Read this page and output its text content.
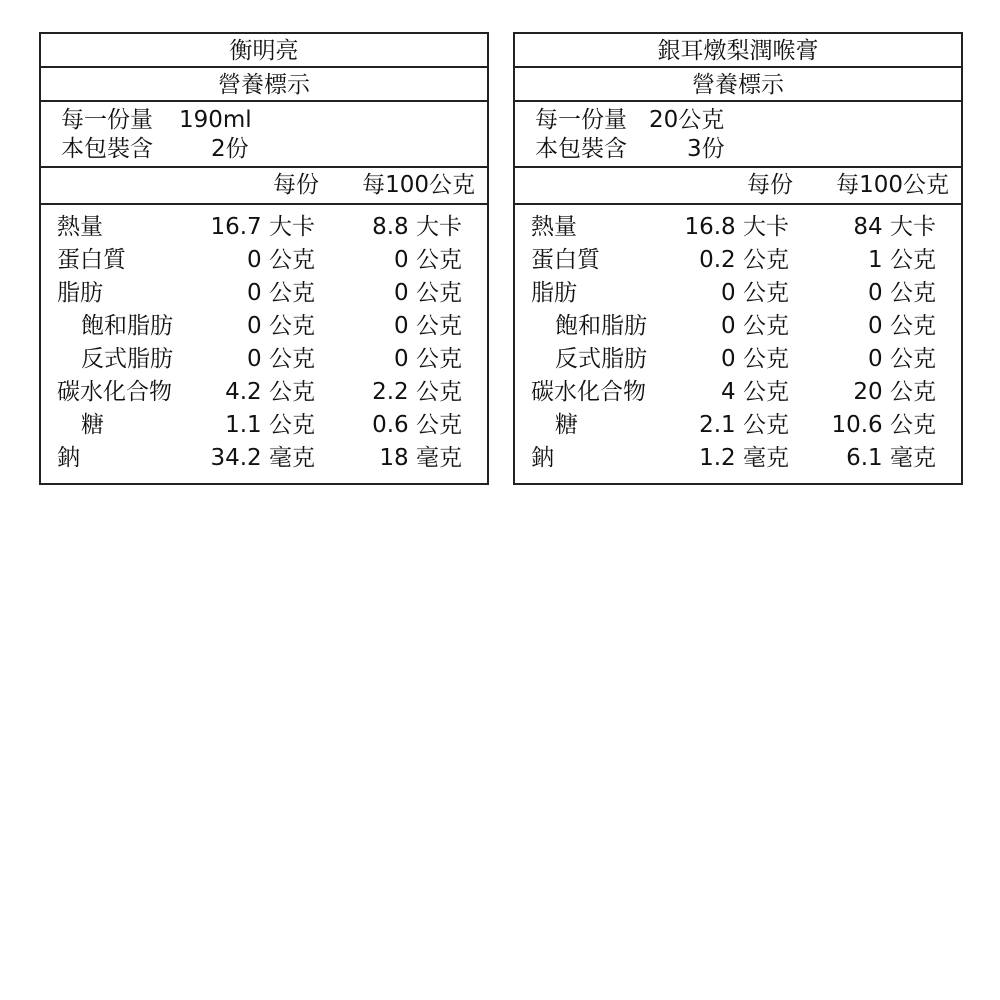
衡明亮
營養標示
每一份量 190ml
本包裝含	2份
每份 每100公克
熱量	16.7 大卡 8.8 大卡
蛋白質	0 公克	0 公克
脂肪	0 公克	0 公克
飽和脂肪	0 公克	0 公克
反式脂肪	0 公克	0 公克
碳水化合物 4.2 公克 2.2 公克
糖	1.1 公克 0.6 公克
鈉	34.2 毫克	18 毫克
銀耳燉梨潤喉膏
營養標示
每一份量 20公克
本包裝含	3份
每份 每100公克
熱量	16.8 大卡	84 大卡
蛋白質	0.2 公克	1 公克
脂肪	0 公克	0 公克
飽和脂肪	0 公克	0 公克
反式脂肪	0 公克	0 公克
碳水化合物	4 公克	20 公克
糖	2.1 公克 10.6 公克
鈉	1.2 毫克 6.1 毫克
